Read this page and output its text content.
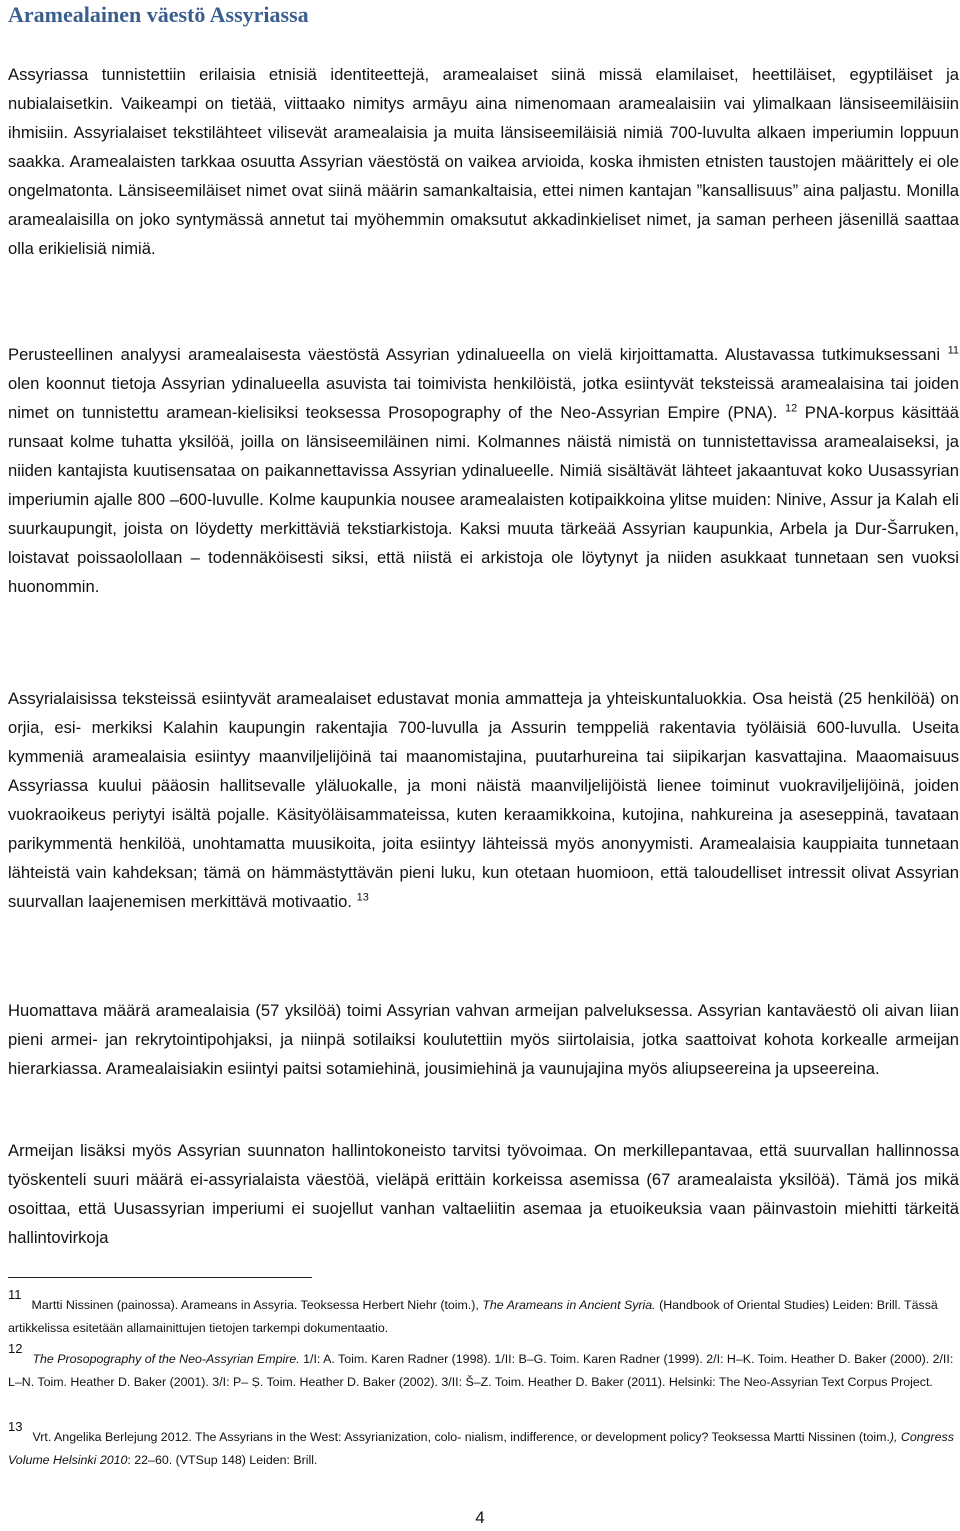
Aramealainen väestö Assyriassa

Assyriassa tunnistettiin erilaisia etnisiä identiteettejä, aramealaiset siinä missä elamilaiset, heettiläiset, egyptiläiset ja nubialaisetkin. Vaikeampi on tietää, viittaako nimitys armāyu aina nimenomaan aramealaisiin vai ylimalkaan länsiseemiläisiin ihmisiin. Assyrialaiset tekstilähteet vilisevät aramealaisia ja muita länsiseemiläisiä nimiä 700-luvulta alkaen imperiumin loppuun saakka. Aramealaisten tarkkaa osuutta Assyrian väestöstä on vaikea arvioida, koska ihmisten etnisten taustojen määrittely ei ole ongelmatonta. Länsiseemiläiset nimet ovat siinä määrin samankaltaisia, ettei nimen kantajan ”kansallisuus” aina paljastu. Monilla aramealaisilla on joko syntymässä annetut tai myöhemmin omaksutut akkadinkieliset nimet, ja saman perheen jäsenillä saattaa olla erikielisiä nimiä.

Perusteellinen analyysi aramealaisesta väestöstä Assyrian ydinalueella on vielä kirjoittamatta. Alustavassa tutkimuksessani $^{11}$ olen koonnut tietoja Assyrian ydinalueella asuvista tai toimivista henkilöistä, jotka esiintyvät teksteissä aramealaisina tai joiden nimet on tunnistettu aramean-kielisiksi teoksessa Prosopography of the Neo-Assyrian Empire (PNA). $^{12}$ PNA-korpus käsittää runsaat kolme tuhatta yksilöä, joilla on länsiseemiläinen nimi. Kolmannes näistä nimistä on tunnistettavissa aramealaiseksi, ja niiden kantajista kuutisensataa on paikannettavissa Assyrian ydinalueelle. Nimiä sisältävät lähteet jakaantuvat koko Uusassyrian imperiumin ajalle 800 –600-luvulle. Kolme kaupunkia nousee aramealaisten kotipaikkoina ylitse muiden: Ninive, Assur ja Kalah eli suurkaupungit, joista on löydetty merkittäviä tekstiarkistoja. Kaksi muuta tärkeää Assyrian kaupunkia, Arbela ja Dur-Šarruken, loistavat poissaolollaan – todennäköisesti siksi, että niistä ei arkistoja ole löytynyt ja niiden asukkaat tunnetaan sen vuoksi huonommin.

Assyrialaisissa teksteissä esiintyvät aramealaiset edustavat monia ammatteja ja yhteiskuntaluokkia. Osa heistä (25 henkilöä) on orjia, esi- merkiksi Kalahin kaupungin rakentajia 700-luvulla ja Assurin temppeliä rakentavia työläisiä 600-luvulla. Useita kymmeniä aramealaisia esiintyy maanviljelijöinä tai maanomistajina, puutarhureina tai siipikarjan kasvattajina. Maaomaisuus Assyriassa kuului pääosin hallitsevalle yläluokalle, ja moni näistä maanviljelijöistä lienee toiminut vuokraviljelijöinä, joiden vuokraoikeus periytyi isältä pojalle. Käsityöläisammateissa, kuten keraamikkoina, kutojina, nahkureina ja aseseppinä, tavataan parikymmentä henkilöä, unohtamatta muusikoita, joita esiintyy lähteissä myös anonyymisti. Aramealaisia kauppiaita tunnetaan lähteistä vain kahdeksan; tämä on hämmästyttävän pieni luku, kun otetaan huomioon, että taloudelliset intressit olivat Assyrian suurvallan laajenemisen merkittävä motivaatio. $^{13}$

Huomattava määrä aramealaisia (57 yksilöä) toimi Assyrian vahvan armeijan palveluksessa. Assyrian kantaväestö oli aivan liian pieni armei- jan rekrytointipohjaksi, ja niinpä sotilaiksi koulutettiin myös siirtolaisia, jotka saattoivat kohota korkealle armeijan hierarkiassa. Aramealaisiakin esiintyi paitsi sotamiehinä, jousimiehinä ja vaunujajina myös aliupseereina ja upseereina.

Armeijan lisäksi myös Assyrian suunnaton hallintokoneisto tarvitsi työvoimaa. On merkillepantavaa, että suurvallan hallinnossa työskenteli suuri määrä ei-assyrialaista väestöä, vieläpä erittäin korkeissa asemissa (67 aramealaista yksilöä). Tämä jos mikä osoittaa, että Uusassyrian imperiumi ei suojellut vanhan valtaeliitin asemaa ja etuoikeuksia vaan päinvastoin miehitti tärkeitä hallintovirkoja

11Martti Nissinen (painossa). Arameans in Assyria. Teoksessa Herbert Niehr (toim.), The Arameans in Ancient Syria. (Handbook of Oriental Studies) Leiden: Brill. Tässä artikkelissa esitetään allamainittujen tietojen tarkempi dokumentaatio.

12The Prosopography of the Neo-Assyrian Empire. 1/I: A. Toim. Karen Radner (1998). 1/II: B–G. Toim. Karen Radner (1999). 2/I: H–K. Toim. Heather D. Baker (2000). 2/II: L–N. Toim. Heather D. Baker (2001). 3/I: P– Ṣ. Toim. Heather D. Baker (2002). 3/II: Š–Z. Toim. Heather D. Baker (2011). Helsinki: The Neo-Assyrian Text Corpus Project.

13Vrt. Angelika Berlejung 2012. The Assyrians in the West: Assyrianization, colo- nialism, indifference, or development policy? Teoksessa Martti Nissinen (toim.), Congress Volume Helsinki 2010: 22–60. (VTSup 148) Leiden: Brill.

4
